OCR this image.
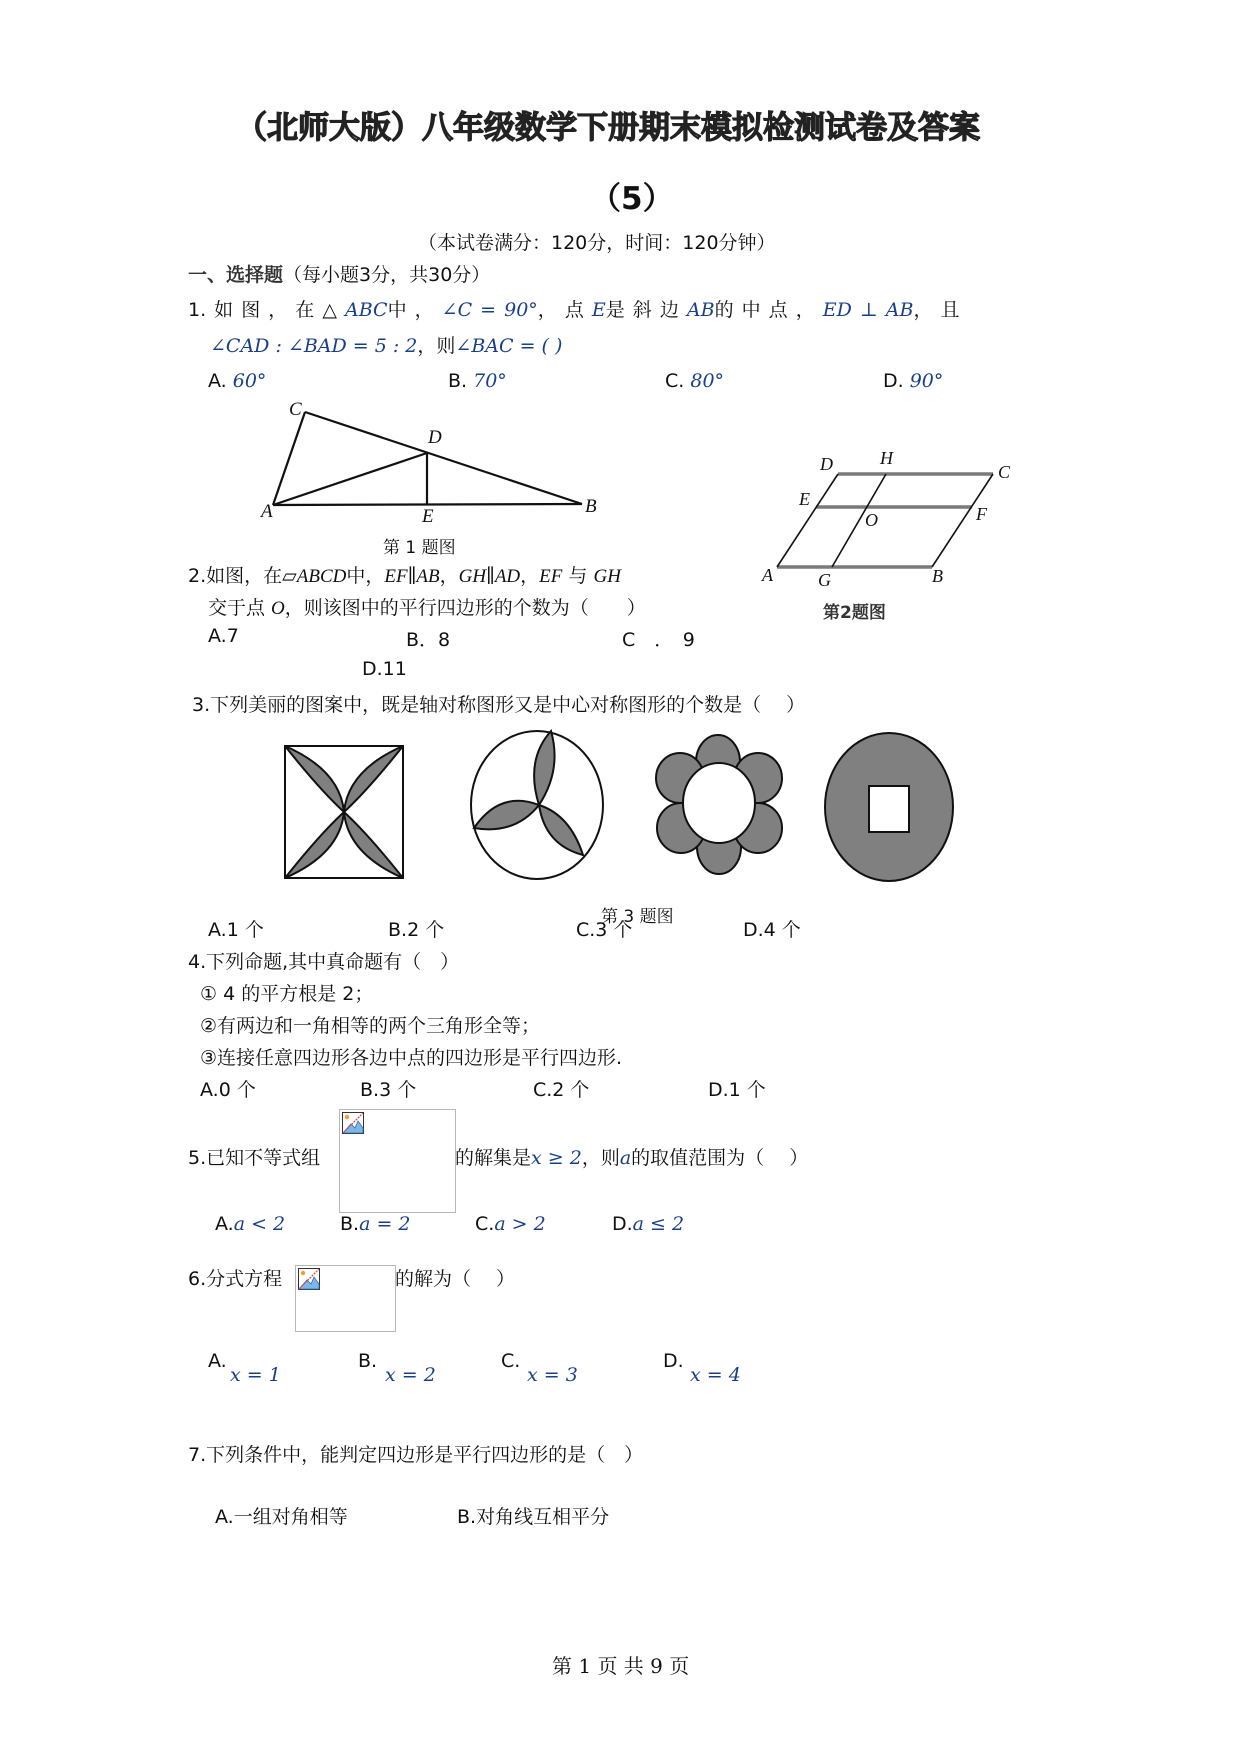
（北师大版）八年级数学下册期末模拟检测试卷及答案
（5）
（本试卷满分：120分，时间：120分钟）
一、选择题（每小题3分，共30分）
1. 如 图 ， 在 △ ABC中 ， ∠C = 90°， 点 E是 斜 边 AB的 中 点 ， ED ⊥ AB， 且
∠CAD : ∠BAD = 5 : 2，则∠BAC = ( )
A. 60°	B. 70°	C. 80°	D. 90°
C
D
A	E	B
第 1 题图
D	H
C
E
O	F
A	G	B
第2题图
2.如图，在▱ABCD中，EF∥AB，GH∥AD，EF 与 GH
交于点 O，则该图中的平行四边形的个数为（　　）
A.7	B．8	C　．　9
D.11
3.下列美丽的图案中，既是轴对称图形又是中心对称图形的个数是（　 ）
第 3 题图
A.1 个	B.2 个	C.3 个	D.4 个
4.下列命题,其中真命题有（　）
① 4 的平方根是 2；
②有两边和一角相等的两个三角形全等；
③连接任意四边形各边中点的四边形是平行四边形.
A.0 个	B.3 个	C.2 个	D.1 个
5.已知不等式组	的解集是x ≥ 2，则a的取值范围为（　 ）
A.a < 2	B.a = 2	C.a > 2	D.a ≤ 2
6.分式方程	的解为（　 ）
A.
x = 1
B.
x = 2
C.
x = 3
D.
x = 4
7.下列条件中，能判定四边形是平行四边形的是（　）
A.一组对角相等	B.对角线互相平分
第 1 页 共 9 页
